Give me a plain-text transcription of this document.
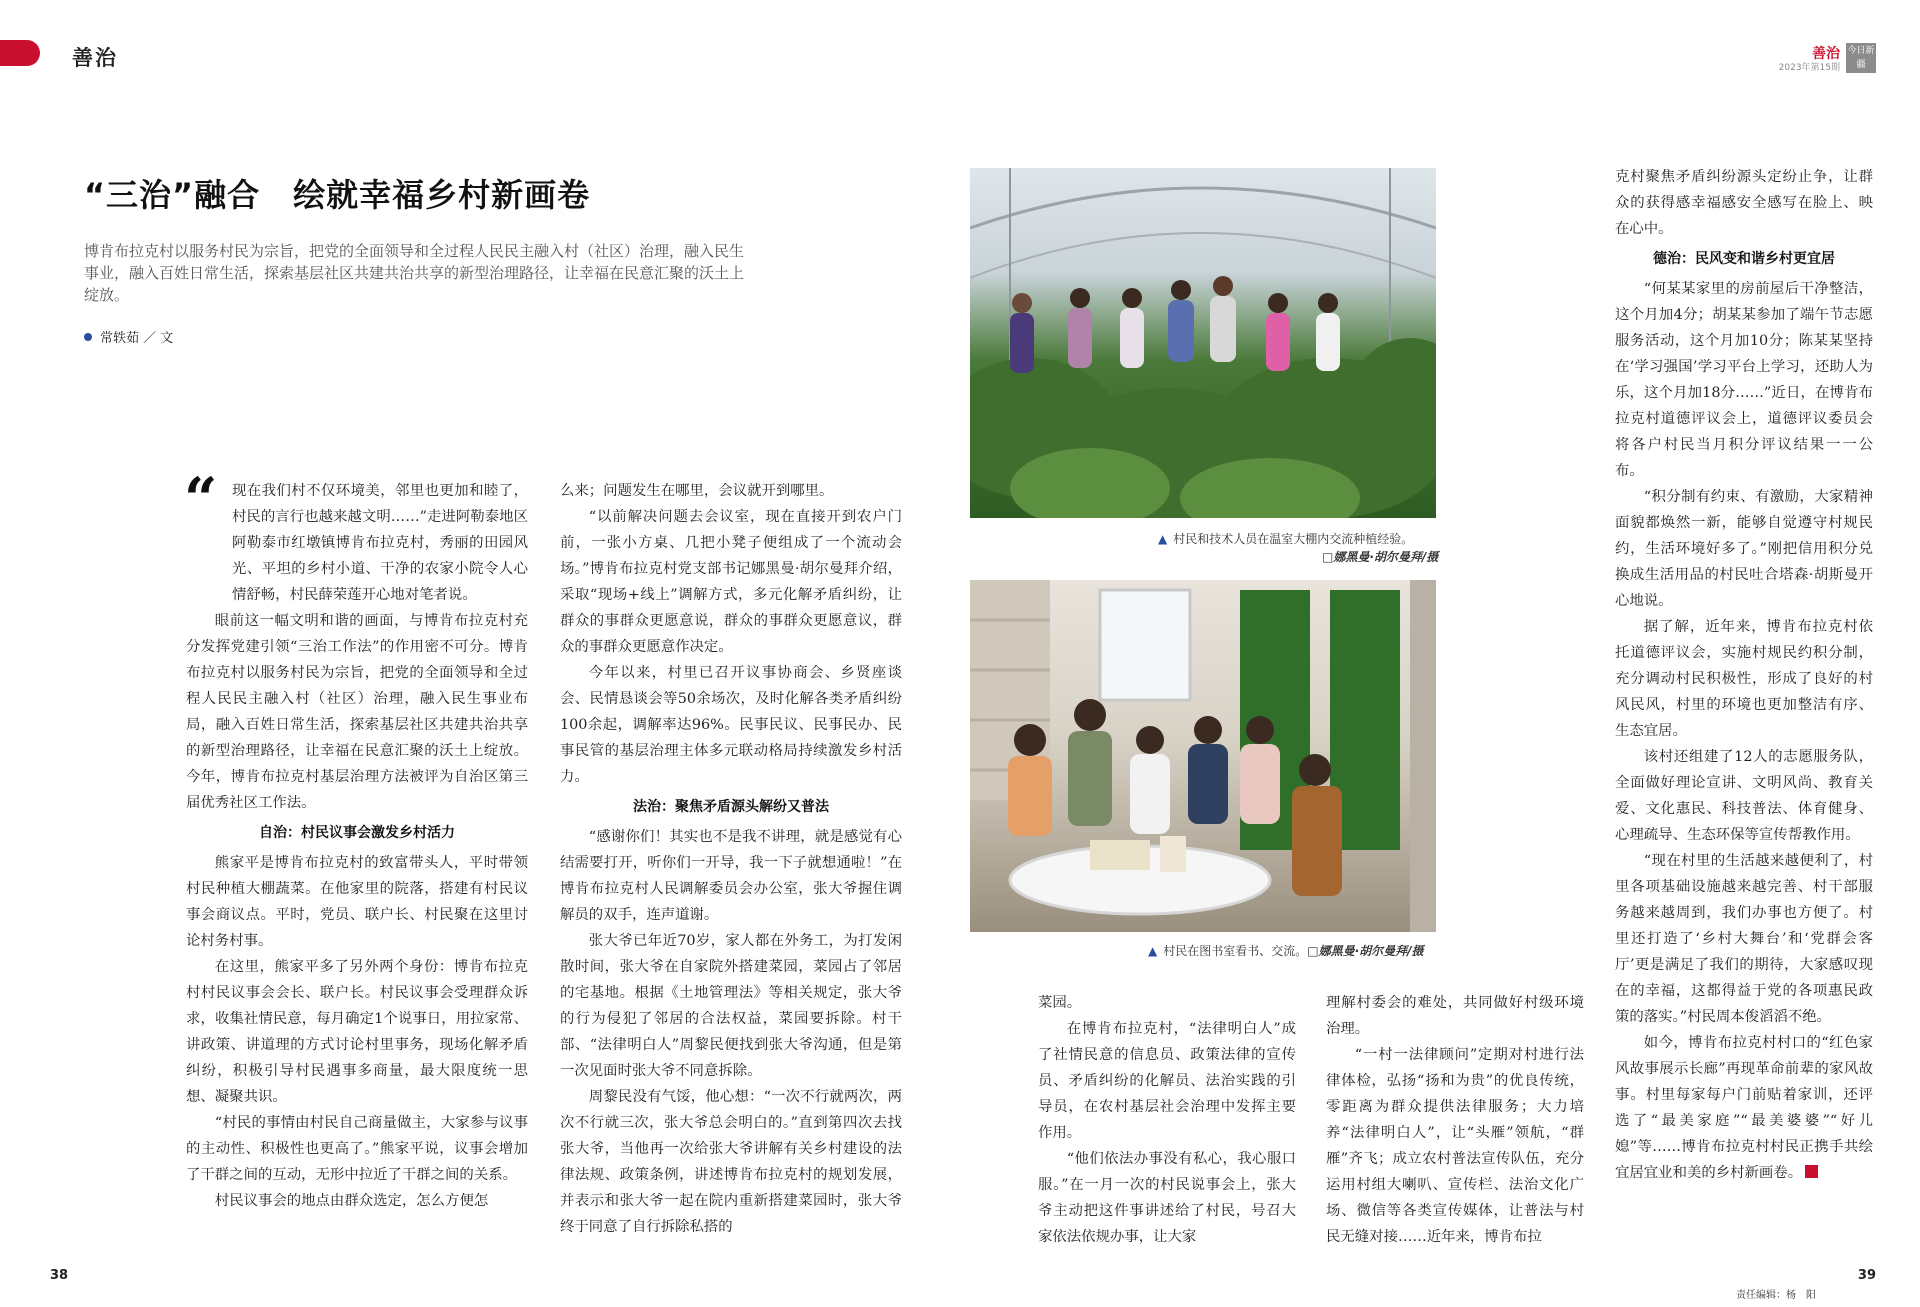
善治	善治
2023年第15期
今日新疆
“三治”融合　绘就幸福乡村新画卷
博肯布拉克村以服务村民为宗旨，把党的全面领导和全过程人民民主融入村（社区）治理，融入民生事业，融入百姓日常生活，探索基层社区共建共治共享的新型治理路径，让幸福在民意汇聚的沃土上绽放。
常轶茹 ／ 文
“	现在我们村不仅环境美，邻里也更加和睦了，村民的言行也越来越文明……”走进阿勒泰地区阿勒泰市红墩镇博肯布拉克村，秀丽的田园风光、平坦的乡村小道、干净的农家小院令人心情舒畅，村民薛荣莲开心地对笔者说。

眼前这一幅文明和谐的画面，与博肯布拉克村充分发挥党建引领“三治工作法”的作用密不可分。博肯布拉克村以服务村民为宗旨，把党的全面领导和全过程人民民主融入村（社区）治理，融入民生事业布局，融入百姓日常生活，探索基层社区共建共治共享的新型治理路径，让幸福在民意汇聚的沃土上绽放。今年，博肯布拉克村基层治理方法被评为自治区第三届优秀社区工作法。

自治：村民议事会激发乡村活力

熊家平是博肯布拉克村的致富带头人，平时带领村民种植大棚蔬菜。在他家里的院落，搭建有村民议事会商议点。平时，党员、联户长、村民聚在这里讨论村务村事。

在这里，熊家平多了另外两个身份：博肯布拉克村村民议事会会长、联户长。村民议事会受理群众诉求，收集社情民意，每月确定1个说事日，用拉家常、讲政策、讲道理的方式讨论村里事务，现场化解矛盾纠纷，积极引导村民遇事多商量，最大限度统一思想、凝聚共识。

“村民的事情由村民自己商量做主，大家参与议事的主动性、积极性也更高了。”熊家平说，议事会增加了干群之间的互动，无形中拉近了干群之间的关系。

村民议事会的地点由群众选定，怎么方便怎

么来；问题发生在哪里，会议就开到哪里。

“以前解决问题去会议室，现在直接开到农户门前，一张小方桌、几把小凳子便组成了一个流动会场。”博肯布拉克村党支部书记娜黑曼·胡尔曼拜介绍，采取“现场+线上”调解方式，多元化解矛盾纠纷，让群众的事群众更愿意说，群众的事群众更愿意议，群众的事群众更愿意作决定。

今年以来，村里已召开议事协商会、乡贤座谈会、民情恳谈会等50余场次，及时化解各类矛盾纠纷100余起，调解率达96%。民事民议、民事民办、民事民管的基层治理主体多元联动格局持续激发乡村活力。

法治：聚焦矛盾源头解纷又普法

“感谢你们！其实也不是我不讲理，就是感觉有心结需要打开，听你们一开导，我一下子就想通啦！”在博肯布拉克村人民调解委员会办公室，张大爷握住调解员的双手，连声道谢。

张大爷已年近70岁，家人都在外务工，为打发闲散时间，张大爷在自家院外搭建菜园，菜园占了邻居的宅基地。根据《土地管理法》等相关规定，张大爷的行为侵犯了邻居的合法权益，菜园要拆除。村干部、“法律明白人”周黎民便找到张大爷沟通，但是第一次见面时张大爷不同意拆除。

周黎民没有气馁，他心想：“一次不行就两次，两次不行就三次，张大爷总会明白的。”直到第四次去找张大爷，当他再一次给张大爷讲解有关乡村建设的法律法规、政策条例，讲述博肯布拉克村的规划发展，并表示和张大爷一起在院内重新搭建菜园时，张大爷终于同意了自行拆除私搭的

▲ 村民和技术人员在温室大棚内交流种植经验。
□娜黑曼·胡尔曼拜/摄
▲ 村民在图书室看书、交流。□娜黑曼·胡尔曼拜/摄

菜园。

在博肯布拉克村，“法律明白人”成了社情民意的信息员、政策法律的宣传员、矛盾纠纷的化解员、法治实践的引导员，在农村基层社会治理中发挥主要作用。

“他们依法办事没有私心，我心服口服。”在一月一次的村民说事会上，张大爷主动把这件事讲述给了村民，号召大家依法依规办事，让大家

理解村委会的难处，共同做好村级环境治理。

“一村一法律顾问”定期对村进行法律体检，弘扬“扬和为贵”的优良传统，零距离为群众提供法律服务；大力培养“法律明白人”，让“头雁”领航，“群雁”齐飞；成立农村普法宣传队伍，充分运用村组大喇叭、宣传栏、法治文化广场、微信等各类宣传媒体，让普法与村民无缝对接……近年来，博肯布拉

克村聚焦矛盾纠纷源头定纷止争，让群众的获得感幸福感安全感写在脸上、映在心中。

德治：民风变和谐乡村更宜居

“何某某家里的房前屋后干净整洁，这个月加4分；胡某某参加了端午节志愿服务活动，这个月加10分；陈某某坚持在‘学习强国’学习平台上学习，还助人为乐，这个月加18分……”近日，在博肯布拉克村道德评议会上，道德评议委员会将各户村民当月积分评议结果一一公布。

“积分制有约束、有激励，大家精神面貌都焕然一新，能够自觉遵守村规民约，生活环境好多了。”刚把信用积分兑换成生活用品的村民吐合塔森·胡斯曼开心地说。

据了解，近年来，博肯布拉克村依托道德评议会，实施村规民约积分制，充分调动村民积极性，形成了良好的村风民风，村里的环境也更加整洁有序、生态宜居。

该村还组建了12人的志愿服务队，全面做好理论宣讲、文明风尚、教育关爱、文化惠民、科技普法、体育健身、心理疏导、生态环保等宣传帮教作用。

“现在村里的生活越来越便利了，村里各项基础设施越来越完善、村干部服务越来越周到，我们办事也方便了。村里还打造了‘乡村大舞台’和‘党群会客厅’更是满足了我们的期待，大家感叹现在的幸福，这都得益于党的各项惠民政策的落实。”村民周本俊滔滔不绝。

如今，博肯布拉克村村口的“红色家风故事展示长廊”再现革命前辈的家风故事。村里每家每户门前贴着家训，还评选了“最美家庭”“最美婆婆”“好儿媳”等……博肯布拉克村村民正携手共绘宜居宜业和美的乡村新画卷。

38	39
责任编辑：杨　阳
